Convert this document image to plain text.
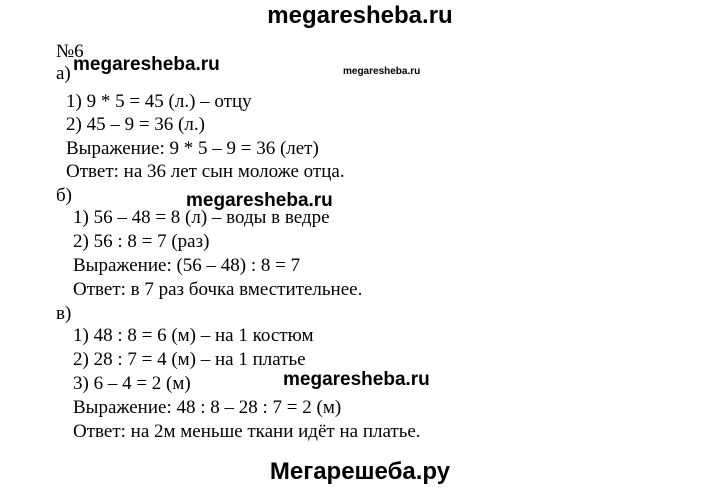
megaresheba.ru
№6
а)
1) 9 * 5 = 45 (л.) – отцу
2) 45 – 9 = 36 (л.)
Выражение: 9 * 5 – 9 = 36 (лет)
Ответ: на 36 лет сын моложе отца.
megaresheba.ru	megaresheba.ru
б)
1) 56 – 48 = 8 (л) – воды в ведре
2) 56 : 8 = 7 (раз)
Выражение: (56 – 48) : 8 = 7
Ответ: в 7 раз бочка вместительнее.
megaresheba.ru
в)
1) 48 : 8 = 6 (м) – на 1 костюм
2) 28 : 7 = 4 (м) – на 1 платье
3) 6 – 4 = 2 (м)
Выражение: 48 : 8 – 28 : 7 = 2 (м)
Ответ: на 2м меньше ткани идёт на платье.
megaresheba.ru
Мегарешеба.ру
